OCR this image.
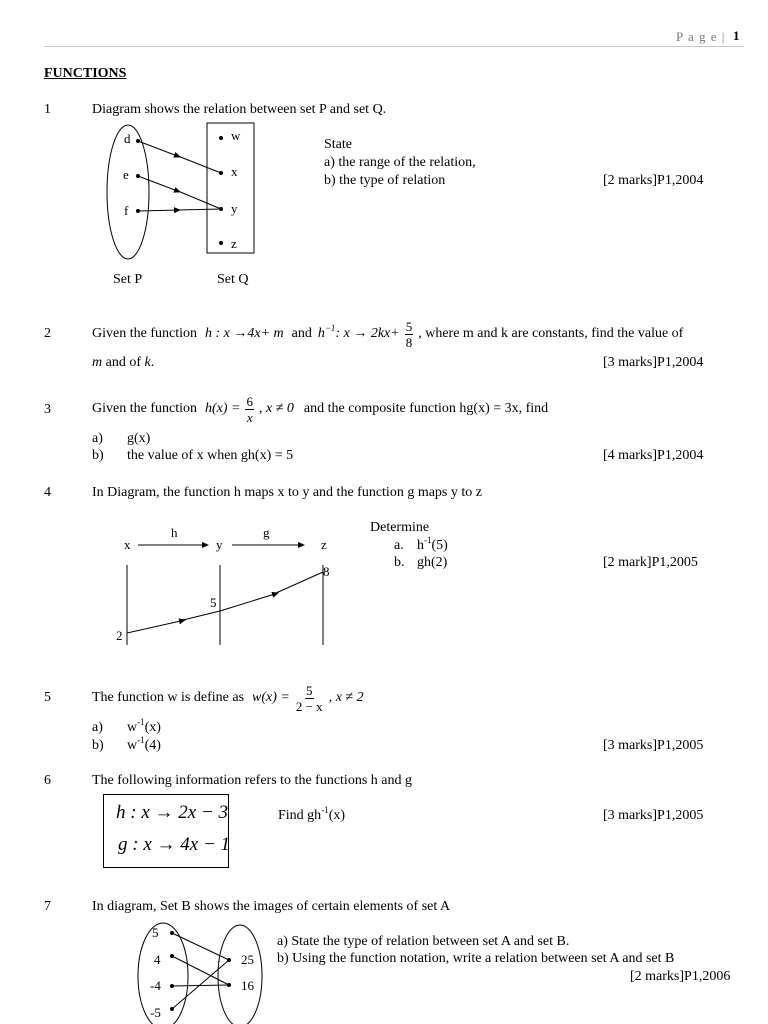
P a g e | 1
FUNCTIONS
1	Diagram shows the relation between set P and set Q.
d
e
f
w
x
y
z
Set P	Set Q
State
a) the range of the relation,
b) the type of relation	[2 marks]P1,2004
2	Given the function h : x →4x+ m and $h^{-1}$: $x \to 2kx+ \frac{5}{8}$ , where m and k are constants, find the value of
m and of k.	[3 marks]P1,2004
3	Given the function $h(x) = \frac{6}{x}$ , x ≠ 0 and the composite function hg(x) = 3x, find
a) g(x)
b) the value of x when gh(x) = 5	[4 marks]P1,2004
4	In Diagram, the function h maps x to y and the function g maps y to z
x
h
y
g
z
2
5
8
Determine
a. $h^{-1}(5)$
b. gh(2)	[2 mark]P1,2005
5	The function w is define as $w(x) = \frac{5}{2 - x}$ , x ≠ 2
a) $w^{-1}(x)$
b) $w^{-1}(4)$	[3 marks]P1,2005
6	The following information refers to the functions h and g
h : x → 2x − 3
g : x → 4x − 1
Find $gh^{-1}(x)$	[3 marks]P1,2005
7	In diagram, Set B shows the images of certain elements of set A
5
4
-4
-5
25
16
a) State the type of relation between set A and set B.
b) Using the function notation, write a relation between set A and set B
[2 marks]P1,2006
